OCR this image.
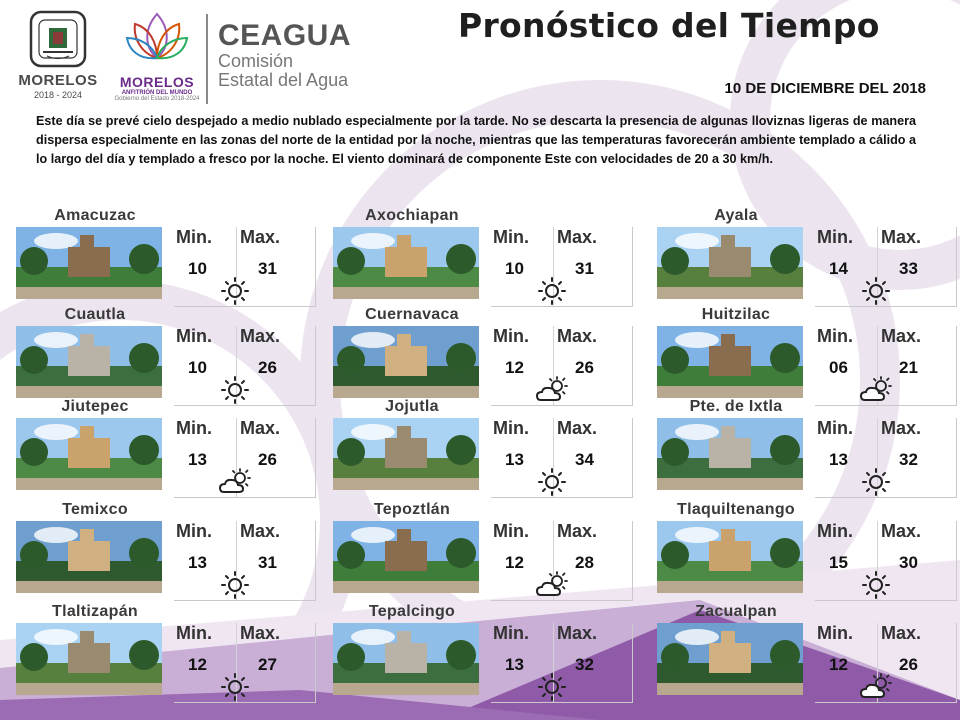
MORELOS
2018 - 2024
MORELOS
ANFITRIÓN DEL MUNDO
Gobierno del Estado 2018-2024
CEAGUA
Comisión
Estatal del Agua
Pronóstico del Tiempo
10 DE DICIEMBRE DEL 2018

Este día se prevé cielo despejado a medio nublado especialmente por la tarde. No se descarta la presencia de algunas lloviznas ligeras de manera dispersa especialmente en las zonas del norte de la entidad por la noche, mientras que las temperaturas favorecerán ambiente templado a cálido a lo largo del día y templado a fresco por la noche. El viento dominará de componente Este con velocidades de 20 a 30 km/h.

Amacuzac
Min. Max.
10	31
Axochiapan
Min. Max.
10	31
Ayala
Min. Max.
14	33
Cuautla
Min. Max.
10	26
Cuernavaca
Min. Max.
12	26
Huitzilac
Min. Max.
06	21
Jiutepec
Min. Max.
13	26
Jojutla
Min. Max.
13	34
Pte. de Ixtla
Min. Max.
13	32
Temixco
Min. Max.
13	31
Tepoztlán
Min. Max.
12	28
Tlaquiltenango
Min. Max.
15	30
Tlaltizapán
Min. Max.
12	27
Tepalcingo
Min. Max.
13	32
Zacualpan
Min. Max.
12	26
